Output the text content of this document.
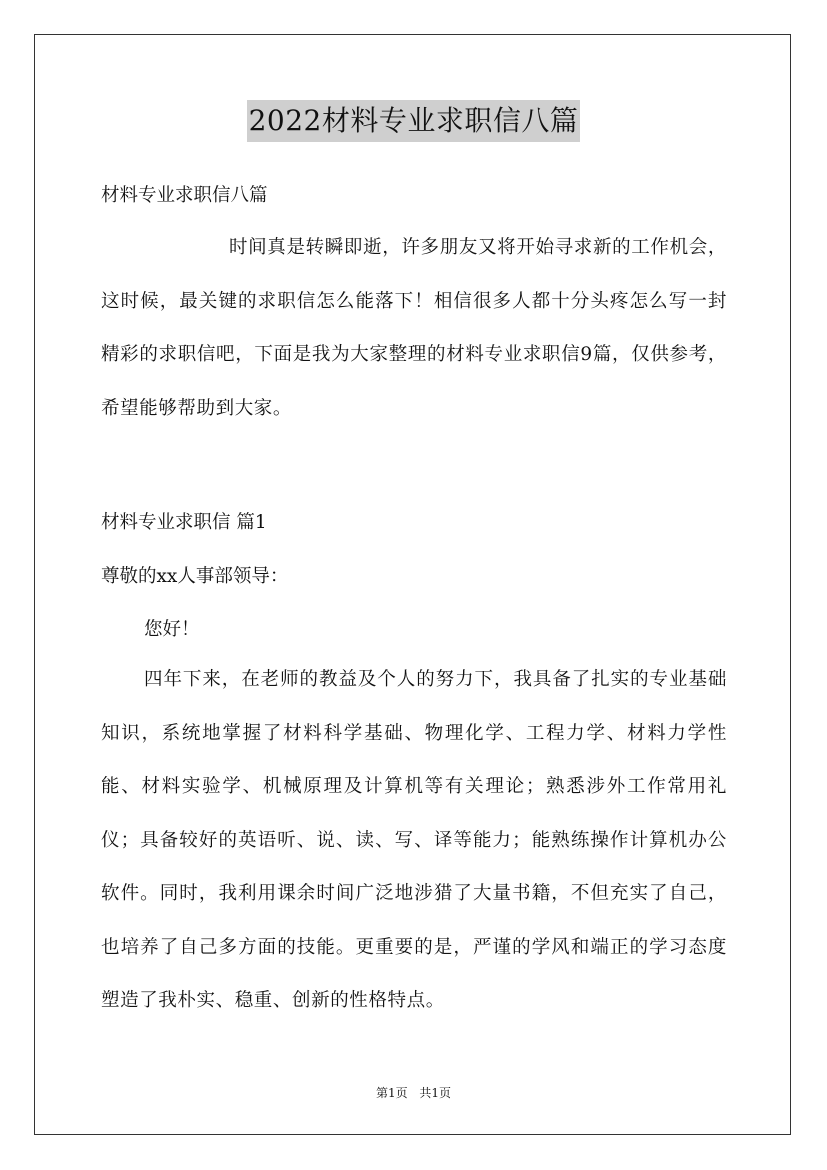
2022材料专业求职信八篇
材料专业求职信八篇
时间真是转瞬即逝，许多朋友又将开始寻求新的工作机会，这时候，最关键的求职信怎么能落下！相信很多人都十分头疼怎么写一封精彩的求职信吧，下面是我为大家整理的材料专业求职信9篇，仅供参考，希望能够帮助到大家。
材料专业求职信 篇1
尊敬的xx人事部领导：
您好！
四年下来，在老师的教益及个人的努力下，我具备了扎实的专业基础知识，系统地掌握了材料科学基础、物理化学、工程力学、材料力学性能、材料实验学、机械原理及计算机等有关理论；熟悉涉外工作常用礼仪；具备较好的英语听、说、读、写、译等能力；能熟练操作计算机办公软件。同时，我利用课余时间广泛地涉猎了大量书籍，不但充实了自己，也培养了自己多方面的技能。更重要的是，严谨的学风和端正的学习态度塑造了我朴实、稳重、创新的性格特点。
第1页 共1页
